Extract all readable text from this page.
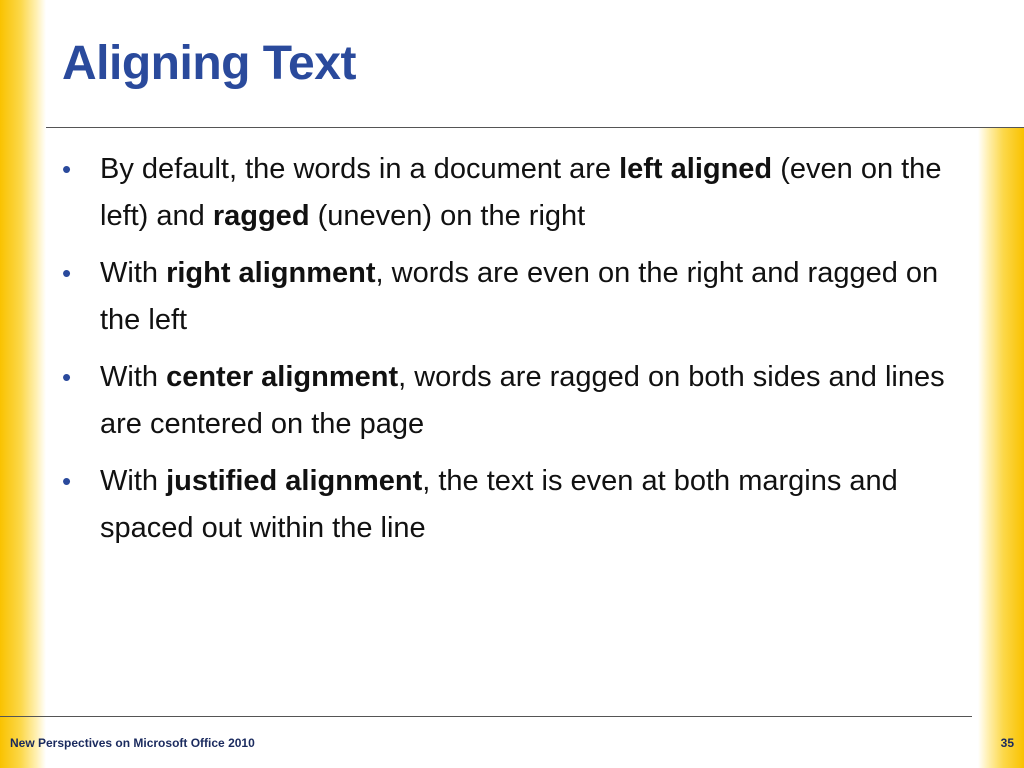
Aligning Text
• By default, the words in a document are left aligned (even on the left) and ragged (uneven) on the right
• With right alignment, words are even on the right and ragged on the left
• With center alignment, words are ragged on both sides and lines are centered on the page
• With justified alignment, the text is even at both margins and spaced out within the line
New Perspectives on Microsoft Office 2010	35
